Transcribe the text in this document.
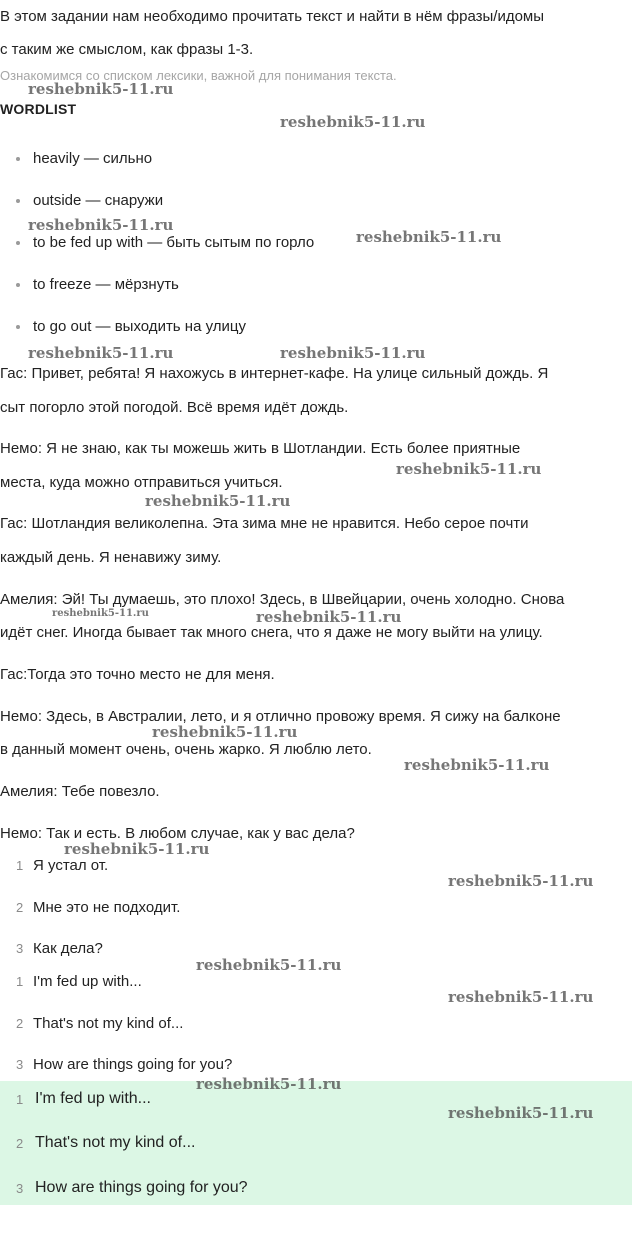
В этом задании нам необходимо прочитать текст и найти в нём фразы/идомы
с таким же смыслом, как фразы 1-3.
Ознакомимся со списком лексики, важной для понимания текста.
WORDLIST
heavily — сильно
outside — снаружи
to be fed up with — быть сытым по горло
to freeze — мёрзнуть
to go out — выходить на улицу
Гас: Привет, ребята! Я нахожусь в интернет-кафе. На улице сильный дождь. Я
сыт погорло этой погодой. Всё время идёт дождь.
Немо: Я не знаю, как ты можешь жить в Шотландии. Есть более приятные
места, куда можно отправиться учиться.
Гас: Шотландия великолепна. Эта зима мне не нравится. Небо серое почти
каждый день. Я ненавижу зиму.
Амелия: Эй! Ты думаешь, это плохо! Здесь, в Швейцарии, очень холодно. Снова
идёт снег. Иногда бывает так много снега, что я даже не могу выйти на улицу.
Гас:Тогда это точно место не для меня.
Немо: Здесь, в Австралии, лето, и я отлично провожу время. Я сижу на балконе
в данный момент очень, очень жарко. Я люблю лето.
Амелия: Тебе повезло.
Немо: Так и есть. В любом случае, как у вас дела?
1 Я устал от.
2 Мне это не подходит.
3 Как дела?
1 I'm fed up with...
2 That's not my kind of...
3 How are things going for you?
1 I'm fed up with...
2 That's not my kind of...
3 How are things going for you?
reshebnik5-11.ru
reshebnik5-11.ru
reshebnik5-11.ru
reshebnik5-11.ru
reshebnik5-11.ru	reshebnik5-11.ru
reshebnik5-11.ru
reshebnik5-11.ru
reshebnik5-11.ru	reshebnik5-11.ru
reshebnik5-11.ru
reshebnik5-11.ru
reshebnik5-11.ru
reshebnik5-11.ru
reshebnik5-11.ru
reshebnik5-11.ru
reshebnik5-11.ru
reshebnik5-11.ru
